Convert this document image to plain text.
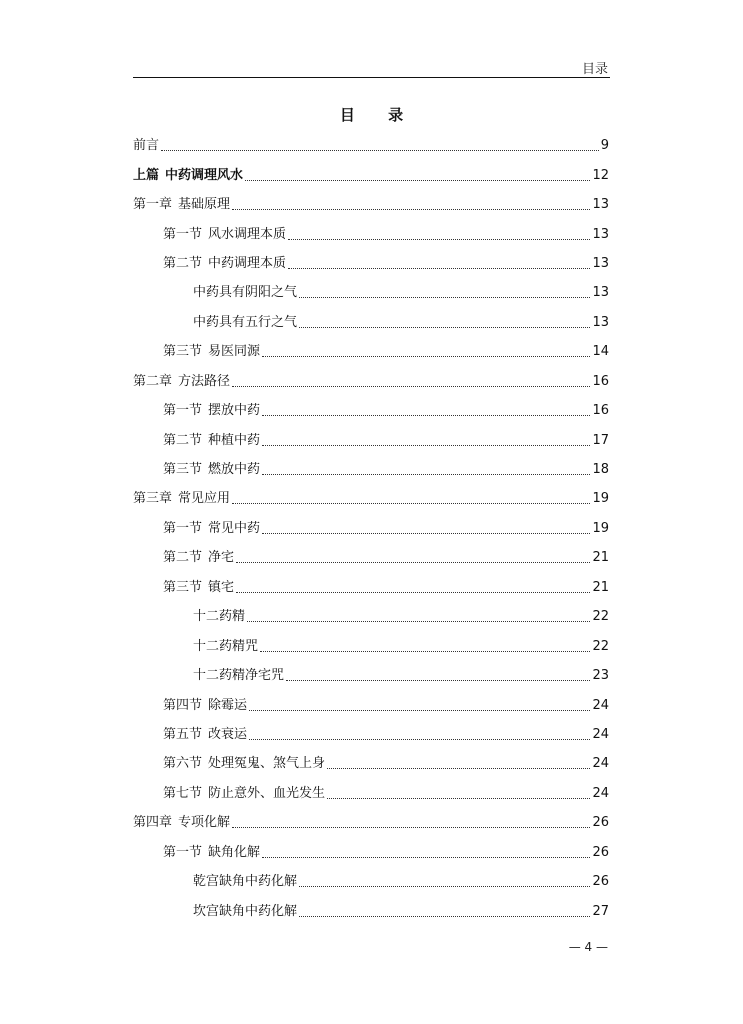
目录
目 录
前言	9
上篇 中药调理风水	12
第一章 基础原理	13
第一节 风水调理本质	13
第二节 中药调理本质	13
中药具有阴阳之气	13
中药具有五行之气	13
第三节 易医同源	14
第二章 方法路径	16
第一节 摆放中药	16
第二节 种植中药	17
第三节 燃放中药	18
第三章 常见应用	19
第一节 常见中药	19
第二节 净宅	21
第三节 镇宅	21
十二药精	22
十二药精咒	22
十二药精净宅咒	23
第四节 除霉运	24
第五节 改衰运	24
第六节 处理冤鬼、煞气上身	24
第七节 防止意外、血光发生	24
第四章 专项化解	26
第一节 缺角化解	26
乾宫缺角中药化解	26
坎宫缺角中药化解	27
— 4 —
